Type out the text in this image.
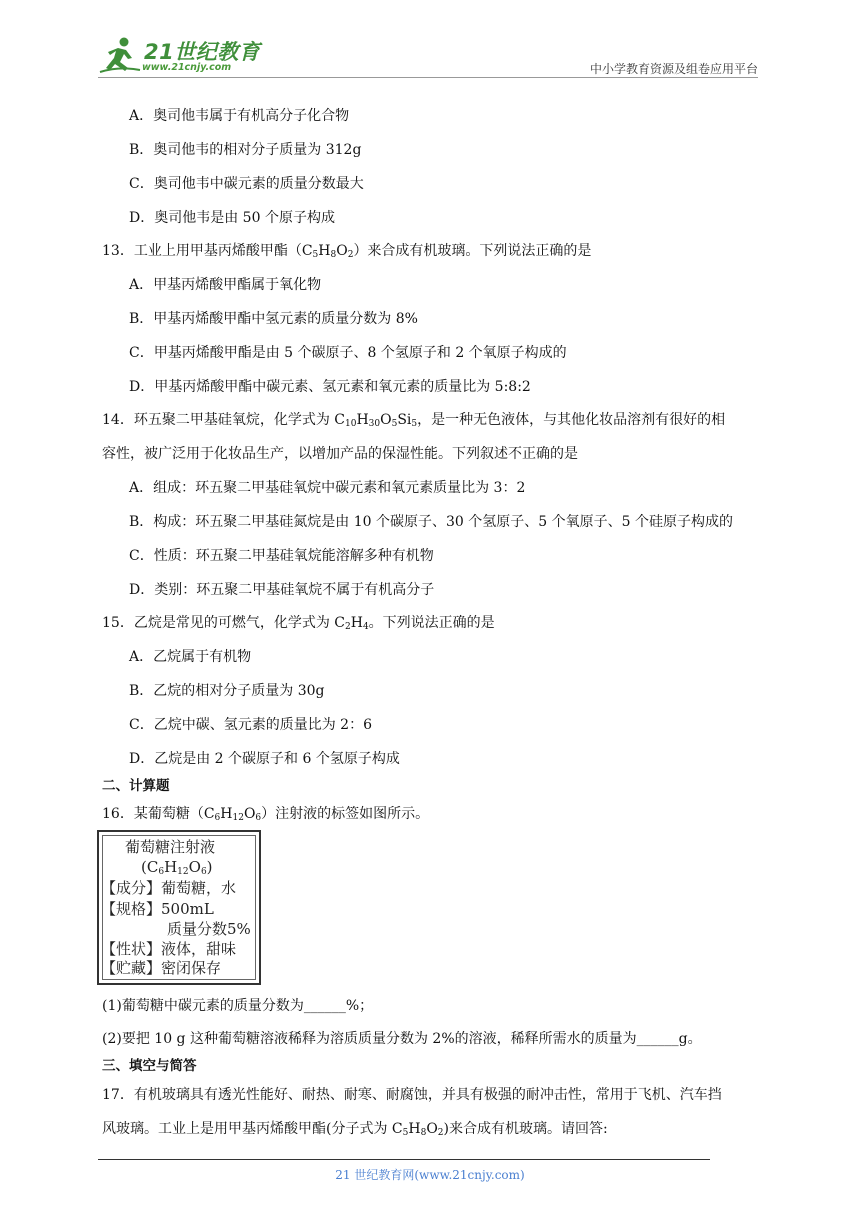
21世纪教育
www.21cnjy.com	中小学教育资源及组卷应用平台
A．奥司他韦属于有机高分子化合物
B．奥司他韦的相对分子质量为 312g
C．奥司他韦中碳元素的质量分数最大
D．奥司他韦是由 50 个原子构成
13．工业上用甲基丙烯酸甲酯$(C_5H_8O_2)$来合成有机玻璃。下列说法正确的是
A．甲基丙烯酸甲酯属于氧化物
B．甲基丙烯酸甲酯中氢元素的质量分数为 8%
C．甲基丙烯酸甲酯是由 5 个碳原子、8 个氢原子和 2 个氧原子构成的
D．甲基丙烯酸甲酯中碳元素、氢元素和氧元素的质量比为 5:8:2
14．环五聚二甲基硅氧烷，化学式为 $C_{10}H_{30}O_5Si_5$，是一种无色液体，与其他化妆品溶剂有很好的相
容性，被广泛用于化妆品生产，以增加产品的保湿性能。下列叙述不正确的是
A．组成：环五聚二甲基硅氧烷中碳元素和氧元素质量比为 3：2
B．构成：环五聚二甲基硅氮烷是由 10 个碳原子、30 个氢原子、5 个氧原子、5 个硅原子构成的
C．性质：环五聚二甲基硅氧烷能溶解多种有机物
D．类别：环五聚二甲基硅氧烷不属于有机高分子
15．乙烷是常见的可燃气，化学式为 $C_2H_4$。下列说法正确的是
A．乙烷属于有机物
B．乙烷的相对分子质量为 30g
C．乙烷中碳、氢元素的质量比为 2：6
D．乙烷是由 2 个碳原子和 6 个氢原子构成
二、计算题
16．某葡萄糖$(C_6H_{12}O_6)$注射液的标签如图所示。
葡萄糖注射液
$(C_6H_{12}O_6)$
【成分】葡萄糖，水
【规格】500mL
质量分数5%
【性状】液体，甜味
【贮藏】密闭保存
(1)葡萄糖中碳元素的质量分数为______%；
(2)要把 10 g 这种葡萄糖溶液稀释为溶质质量分数为 2%的溶液，稀释所需水的质量为______g。
三、填空与简答
17．有机玻璃具有透光性能好、耐热、耐寒、耐腐蚀，并具有极强的耐冲击性，常用于飞机、汽车挡
风玻璃。工业上是用甲基丙烯酸甲酯(分子式为 $C_5H_8O_2$)来合成有机玻璃。请回答:
21 世纪教育网(www.21cnjy.com)
